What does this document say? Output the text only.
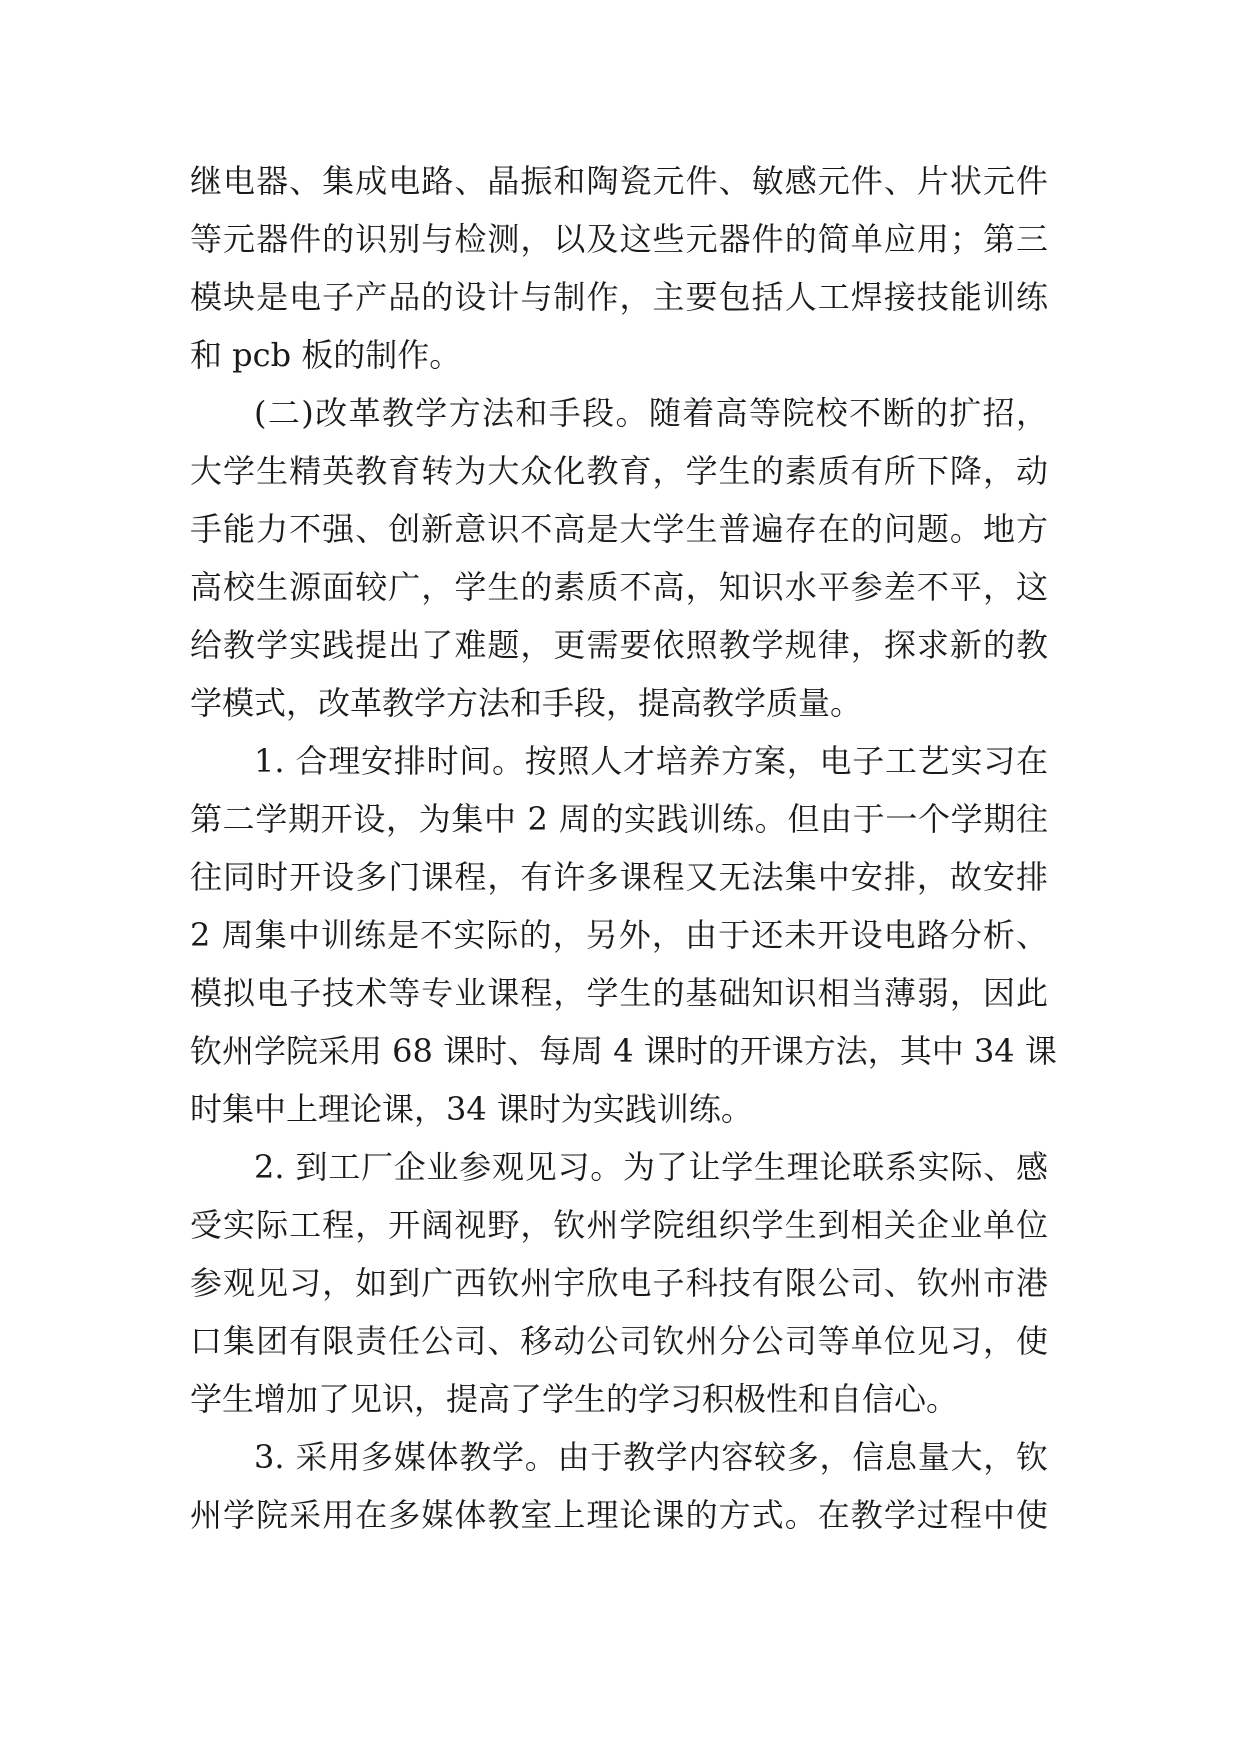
继电器、集成电路、晶振和陶瓷元件、敏感元件、片状元件
等元器件的识别与检测，以及这些元器件的简单应用；第三
模块是电子产品的设计与制作，主要包括人工焊接技能训练
和 pcb 板的制作。
(二)改革教学方法和手段。随着高等院校不断的扩招，
大学生精英教育转为大众化教育，学生的素质有所下降，动
手能力不强、创新意识不高是大学生普遍存在的问题。地方
高校生源面较广，学生的素质不高，知识水平参差不平，这
给教学实践提出了难题，更需要依照教学规律，探求新的教
学模式，改革教学方法和手段，提高教学质量。
1. 合理安排时间。按照人才培养方案，电子工艺实习在
第二学期开设，为集中 2 周的实践训练。但由于一个学期往
往同时开设多门课程，有许多课程又无法集中安排，故安排
2 周集中训练是不实际的，另外，由于还未开设电路分析、
模拟电子技术等专业课程，学生的基础知识相当薄弱，因此
钦州学院采用 68 课时、每周 4 课时的开课方法，其中 34 课
时集中上理论课，34 课时为实践训练。
2. 到工厂企业参观见习。为了让学生理论联系实际、感
受实际工程，开阔视野，钦州学院组织学生到相关企业单位
参观见习，如到广西钦州宇欣电子科技有限公司、钦州市港
口集团有限责任公司、移动公司钦州分公司等单位见习，使
学生增加了见识，提高了学生的学习积极性和自信心。
3. 采用多媒体教学。由于教学内容较多，信息量大，钦
州学院采用在多媒体教室上理论课的方式。在教学过程中使
